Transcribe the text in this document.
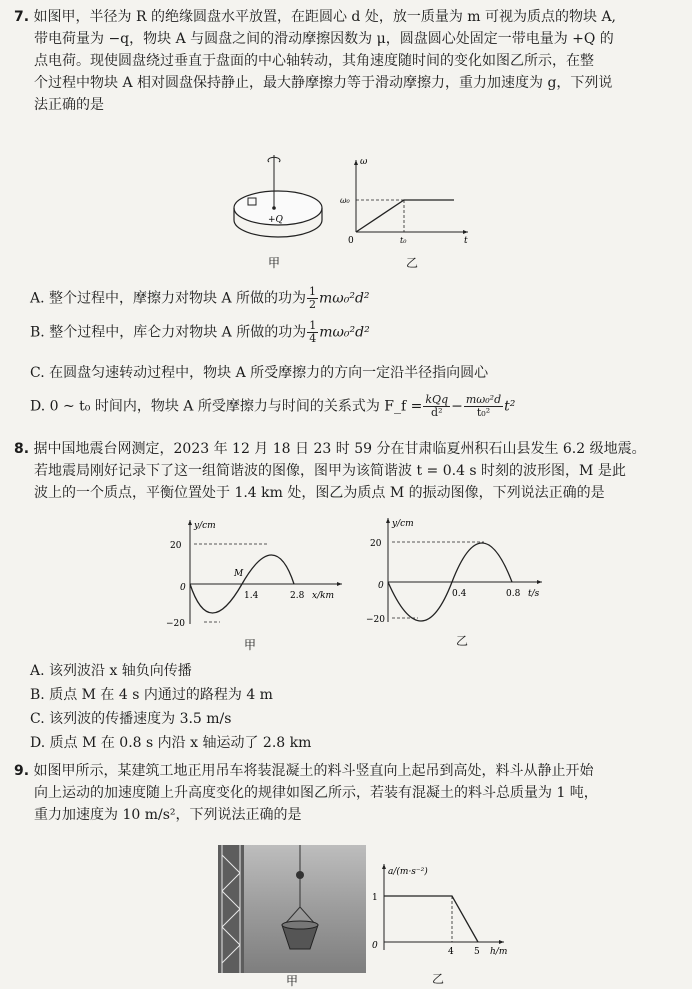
7. 如图甲，半径为 R 的绝缘圆盘水平放置，在距圆心 d 处，放一质量为 m 可视为质点的物块 A,
带电荷量为 −q，物块 A 与圆盘之间的滑动摩擦因数为 μ，圆盘圆心处固定一带电量为 +Q 的
点电荷。现使圆盘绕过垂直于盘面的中心轴转动，其角速度随时间的变化如图乙所示，在整
个过程中物块 A 相对圆盘保持静止，最大静摩擦力等于滑动摩擦力，重力加速度为 g，下列说
法正确的是
+Q
甲
ω
ω₀
0	t₀	t
乙
A. 整个过程中，摩擦力对物块 A 所做的功为 $\frac{1}{2} m\omega_0^2d^2$
B. 整个过程中，库仑力对物块 A 所做的功为 $\frac{1}{4} m\omega_0^2d^2$
C. 在圆盘匀速转动过程中，物块 A 所受摩擦力的方向一定沿半径指向圆心
D. 0 ~ t₀ 时间内，物块 A 所受摩擦力与时间的关系式为 F_f = $\frac{\text{kQq}}{\text{d²}} - \frac{\text{mω₀²d}}{\text{t₀²}} t^2$
8. 据中国地震台网测定，2023 年 12 月 18 日 23 时 59 分在甘肃临夏州积石山县发生 6.2 级地震。
若地震局刚好记录下了这一组简谐波的图像，图甲为该简谐波 t = 0.4 s 时刻的波形图，M 是此
波上的一个质点，平衡位置处于 1.4 km 处，图乙为质点 M 的振动图像，下列说法正确的是
y/cm
20
−20
0
M
1.4	2.8 x/km
甲
y/cm
20
−20
0
0.4	0.8 t/s
乙
A. 该列波沿 x 轴负向传播
B. 质点 M 在 4 s 内通过的路程为 4 m
C. 该列波的传播速度为 3.5 m/s
D. 质点 M 在 0.8 s 内沿 x 轴运动了 2.8 km
9. 如图甲所示，某建筑工地正用吊车将装混凝土的料斗竖直向上起吊到高处，料斗从静止开始
向上运动的加速度随上升高度变化的规律如图乙所示，若装有混凝土的料斗总质量为 1 吨，
重力加速度为 10 m/s²，下列说法正确的是
甲
a/(m·s⁻²)
1
0
4 5 h/m
乙
